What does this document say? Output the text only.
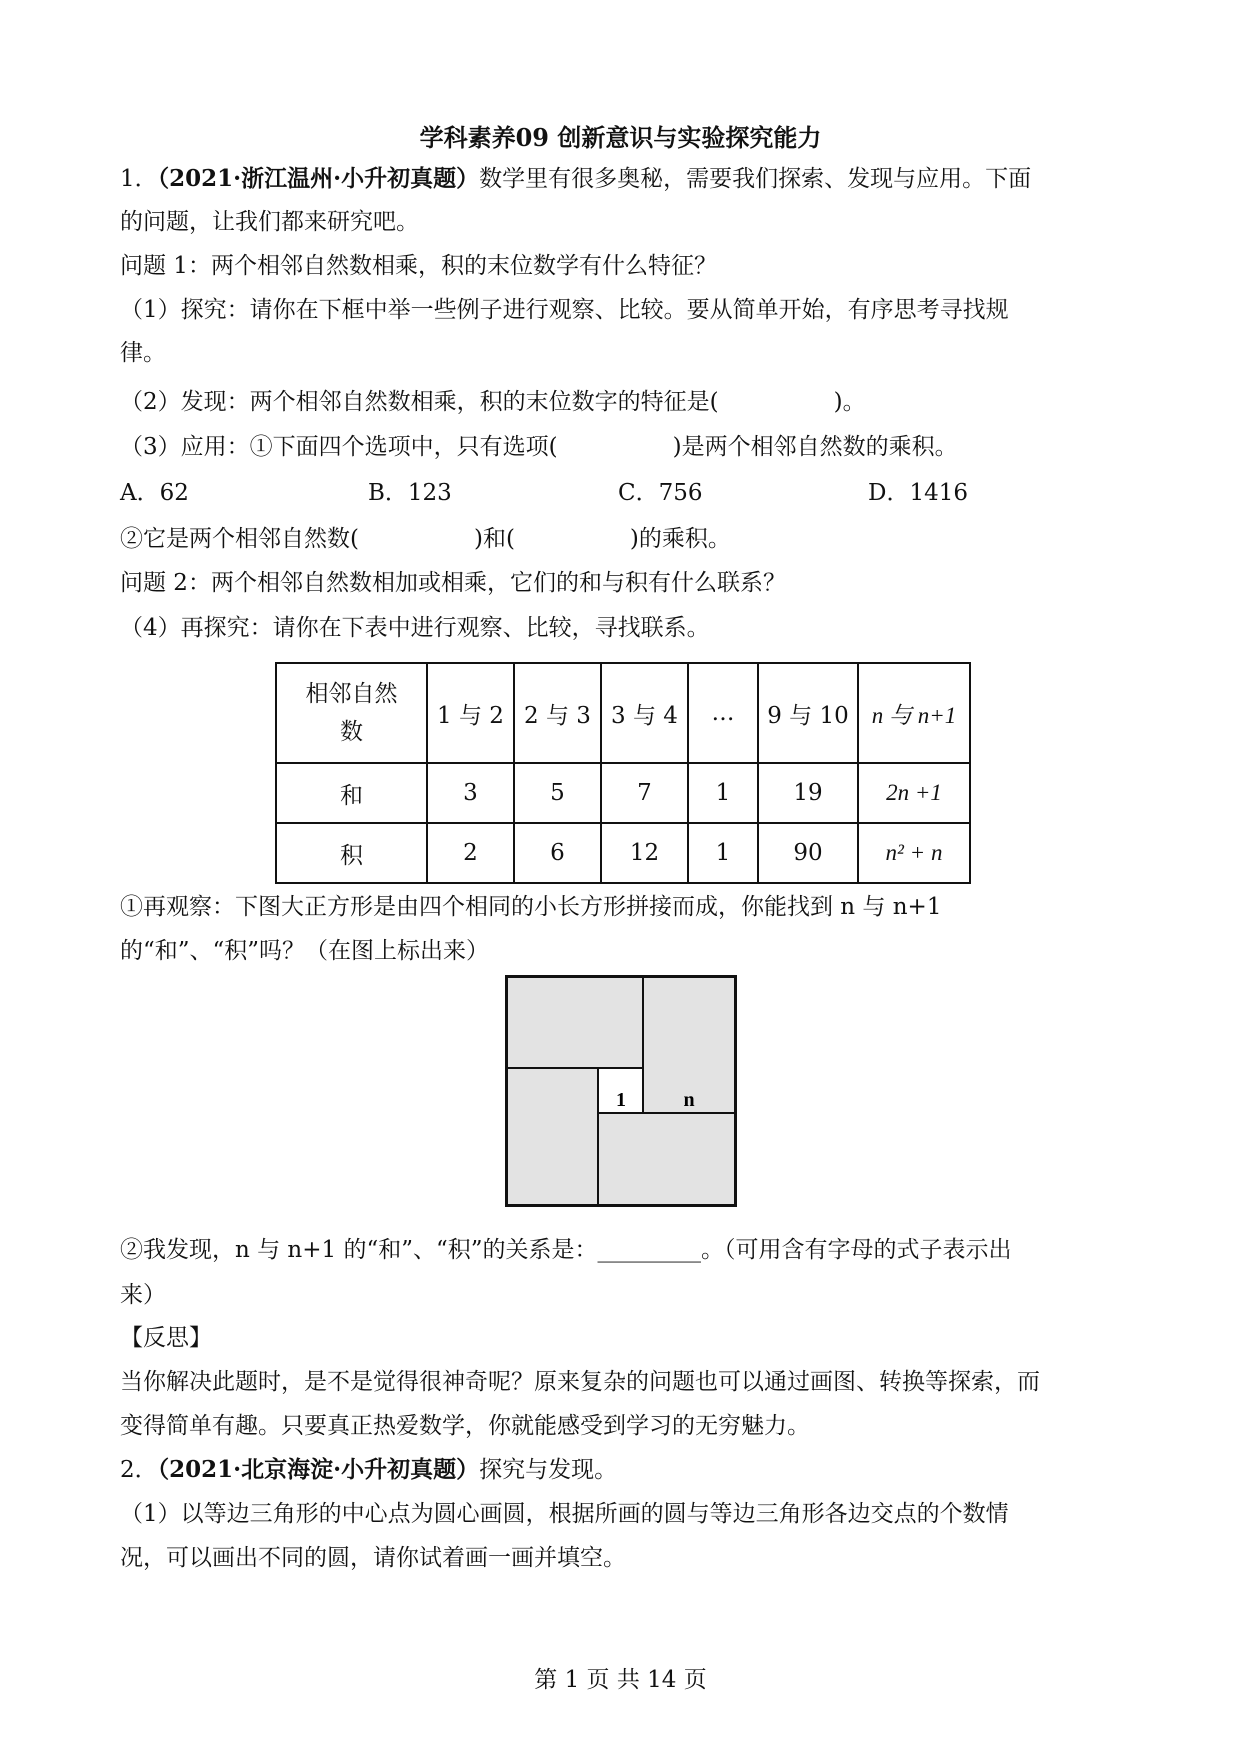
学科素养09 创新意识与实验探究能力
1．（2021·浙江温州·小升初真题）数学里有很多奥秘，需要我们探索、发现与应用。下面
的问题，让我们都来研究吧。
问题 1：两个相邻自然数相乘，积的末位数学有什么特征？
（1）探究：请你在下框中举一些例子进行观察、比较。要从简单开始，有序思考寻找规
律。
（2）发现：两个相邻自然数相乘，积的末位数字的特征是(　　　　　)。
（3）应用：①下面四个选项中，只有选项(　　　　　)是两个相邻自然数的乘积。
A．62	B．123	C．756	D．1416
②它是两个相邻自然数(　　　　　)和(　　　　　)的乘积。
问题 2：两个相邻自然数相加或相乘，它们的和与积有什么联系？
（4）再探究：请你在下表中进行观察、比较，寻找联系。
相邻自然
数	1 与 2	2 与 3	3 与 4	…	9 与 10	n 与 n+1
和	3	5	7	1	19	2n +1
积	2	6	12	1	90	n² + n
①再观察：下图大正方形是由四个相同的小长方形拼接而成，你能找到 n 与 n+1
的“和”、“积”吗？（在图上标出来）
1	n
②我发现，n 与 n+1 的“和”、“积”的关系是：_________。（可用含有字母的式子表示出
来）
【反思】
当你解决此题时，是不是觉得很神奇呢？原来复杂的问题也可以通过画图、转换等探索，而
变得简单有趣。只要真正热爱数学，你就能感受到学习的无穷魅力。
2．（2021·北京海淀·小升初真题）探究与发现。
（1）以等边三角形的中心点为圆心画圆，根据所画的圆与等边三角形各边交点的个数情
况，可以画出不同的圆，请你试着画一画并填空。
第 1 页 共 14 页
